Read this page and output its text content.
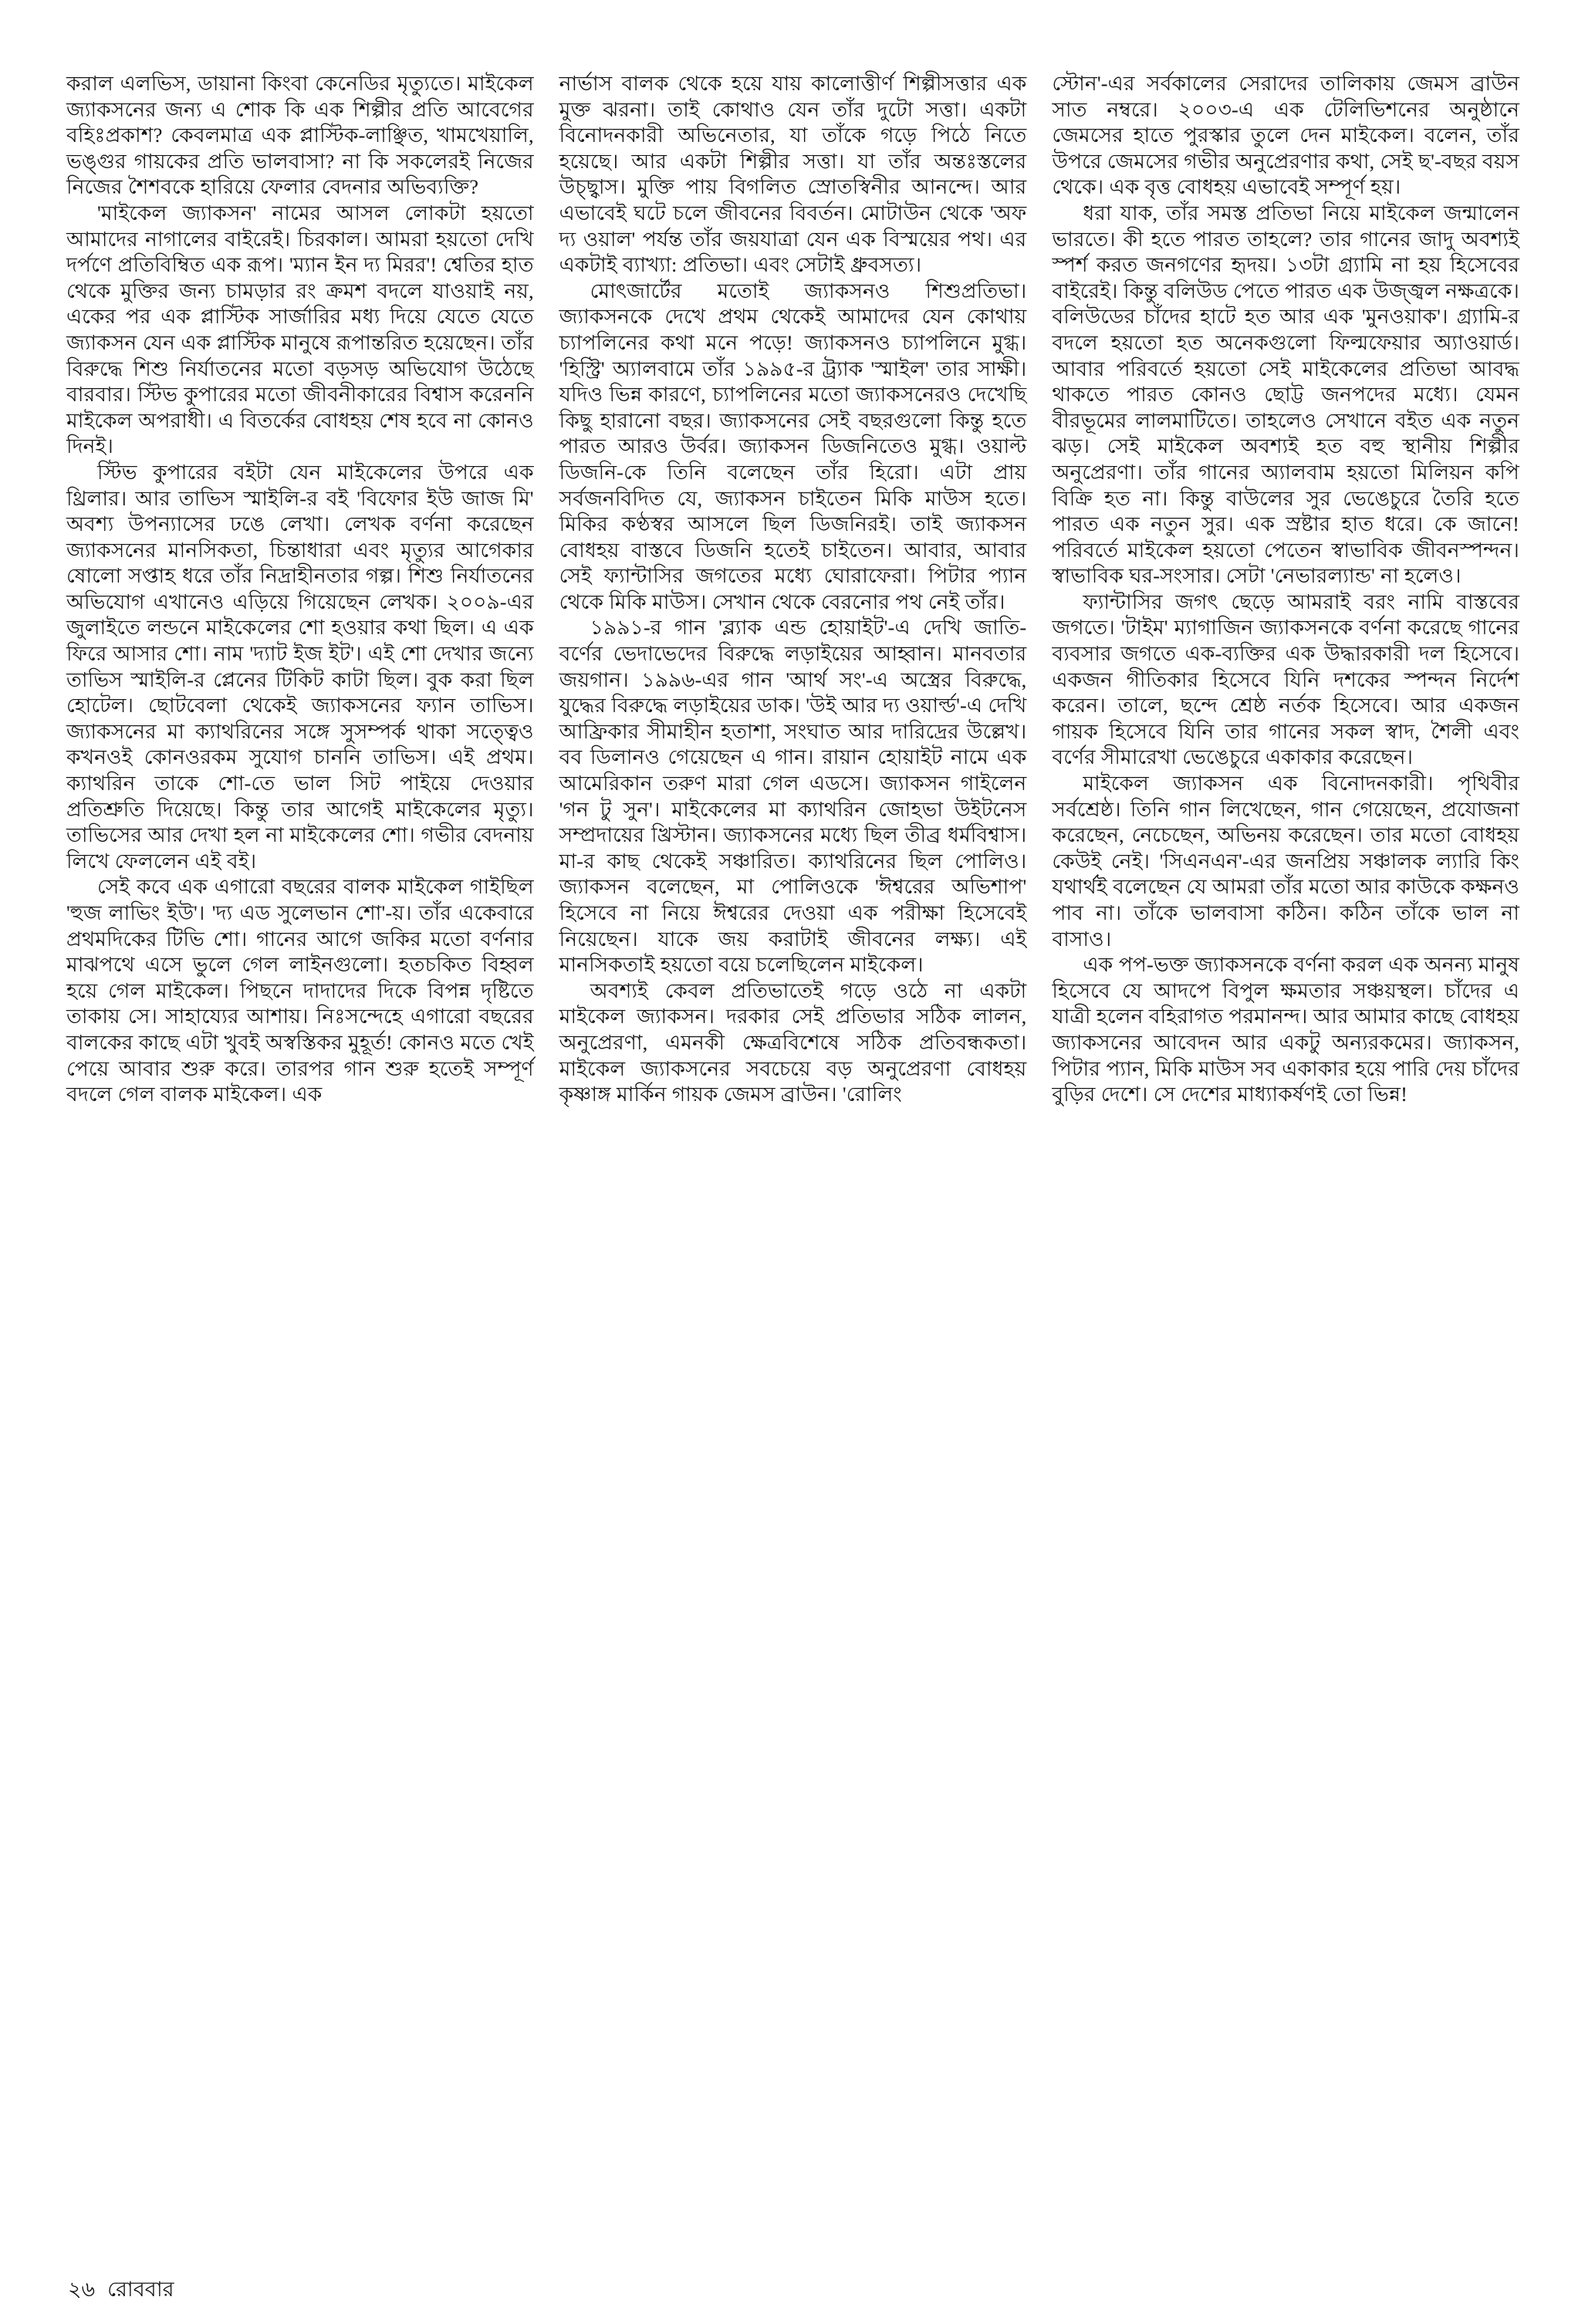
করাল এলভিস, ডায়ানা কিংবা কেনেডির মৃত্যুতে। মাইকেল জ্যাকসনের জন্য এ শোক কি এক শিল্পীর প্রতি আবেগের বহিঃপ্রকাশ? কেবলমাত্র এক প্লাস্টিক-লাঞ্ছিত, খামখেয়ালি, ভঙ্গুর গায়কের প্রতি ভালবাসা? না কি সকলেরই নিজের নিজের শৈশবকে হারিয়ে ফেলার বেদনার অভিব্যক্তি?

'মাইকেল জ্যাকসন' নামের আসল লোকটা হয়তো আমাদের নাগালের বাইরেই। চিরকাল। আমরা হয়তো দেখি দর্পণে প্রতিবিম্বিত এক রূপ। 'ম্যান ইন দ্য মিরর'! শ্বেতির হাত থেকে মুক্তির জন্য চামড়ার রং ক্রমশ বদলে যাওয়াই নয়, একের পর এক প্লাস্টিক সার্জারির মধ্য দিয়ে যেতে যেতে জ্যাকসন যেন এক প্লাস্টিক মানুষে রূপান্তরিত হয়েছেন। তাঁর বিরুদ্ধে শিশু নির্যাতনের মতো বড়সড় অভিযোগ উঠেছে বারবার। স্টিভ কুপারের মতো জীবনীকারের বিশ্বাস করেননি মাইকেল অপরাধী। এ বিতর্কের বোধহয় শেষ হবে না কোনও দিনই।

স্টিভ কুপারের বইটা যেন মাইকেলের উপরে এক থ্রিলার। আর তাভিস স্মাইলি-র বই 'বিফোর ইউ জাজ মি' অবশ্য উপন্যাসের ঢঙে লেখা। লেখক বর্ণনা করেছেন জ্যাকসনের মানসিকতা, চিন্তাধারা এবং মৃত্যুর আগেকার ষোলো সপ্তাহ ধরে তাঁর নিদ্রাহীনতার গল্প। শিশু নির্যাতনের অভিযোগ এখানেও এড়িয়ে গিয়েছেন লেখক। ২০০৯-এর জুলাইতে লন্ডনে মাইকেলের শো হওয়ার কথা ছিল। এ এক ফিরে আসার শো। নাম 'দ্যাট ইজ ইট'। এই শো দেখার জন্যে তাভিস স্মাইলি-র প্লেনের টিকিট কাটা ছিল। বুক করা ছিল হোটেল। ছোটবেলা থেকেই জ্যাকসনের ফ্যান তাভিস। জ্যাকসনের মা ক্যাথরিনের সঙ্গে সুসম্পর্ক থাকা সত্ত্বেও কখনওই কোনওরকম সুযোগ চাননি তাভিস। এই প্রথম। ক্যাথরিন তাকে শো-তে ভাল সিট পাইয়ে দেওয়ার প্রতিশ্রুতি দিয়েছে। কিন্তু তার আগেই মাইকেলের মৃত্যু। তাভিসের আর দেখা হল না মাইকেলের শো। গভীর বেদনায় লিখে ফেললেন এই বই।

সেই কবে এক এগারো বছরের বালক মাইকেল গাইছিল 'হুজ লাভিং ইউ'। 'দ্য এড সুলেভান শো'-য়। তাঁর একেবারে প্রথমদিকের টিভি শো। গানের আগে জকির মতো বর্ণনার মাঝপথে এসে ভুলে গেল লাইনগুলো। হতচকিত বিহ্বল হয়ে গেল মাইকেল। পিছনে দাদাদের দিকে বিপন্ন দৃষ্টিতে তাকায় সে। সাহায্যের আশায়। নিঃসন্দেহে এগারো বছরের বালকের কাছে এটা খুবই অস্বস্তিকর মুহূর্ত! কোনও মতে খেই পেয়ে আবার শুরু করে। তারপর গান শুরু হতেই সম্পূর্ণ বদলে গেল বালক মাইকেল। এক

নার্ভাস বালক থেকে হয়ে যায় কালোত্তীর্ণ শিল্পীসত্তার এক মুক্ত ঝরনা। তাই কোথাও যেন তাঁর দুটো সত্তা। একটা বিনোদনকারী অভিনেতার, যা তাঁকে গড়ে পিঠে নিতে হয়েছে। আর একটা শিল্পীর সত্তা। যা তাঁর অন্তঃস্তলের উচ্ছ্বাস। মুক্তি পায় বিগলিত স্রোতস্বিনীর আনন্দে। আর এভাবেই ঘটে চলে জীবনের বিবর্তন। মোটাউন থেকে 'অফ দ্য ওয়াল' পর্যন্ত তাঁর জয়যাত্রা যেন এক বিস্ময়ের পথ। এর একটাই ব্যাখ্যা: প্রতিভা। এবং সেটাই ধ্রুবসত্য।

মোৎজার্টের মতোই জ্যাকসনও শিশুপ্রতিভা। জ্যাকসনকে দেখে প্রথম থেকেই আমাদের যেন কোথায় চ্যাপলিনের কথা মনে পড়ে! জ্যাকসনও চ্যাপলিনে মুগ্ধ। 'হিস্ট্রি' অ্যালবামে তাঁর ১৯৯৫-র ট্র্যাক 'স্মাইল' তার সাক্ষী। যদিও ভিন্ন কারণে, চ্যাপলিনের মতো জ্যাকসনেরও দেখেছি কিছু হারানো বছর। জ্যাকসনের সেই বছরগুলো কিন্তু হতে পারত আরও উর্বর। জ্যাকসন ডিজনিতেও মুগ্ধ। ওয়াল্ট ডিজনি-কে তিনি বলেছেন তাঁর হিরো। এটা প্রায় সর্বজনবিদিত যে, জ্যাকসন চাইতেন মিকি মাউস হতে। মিকির কণ্ঠস্বর আসলে ছিল ডিজনিরই। তাই জ্যাকসন বোধহয় বাস্তবে ডিজনি হতেই চাইতেন। আবার, আবার সেই ফ্যান্টাসির জগতের মধ্যে ঘোরাফেরা। পিটার প্যান থেকে মিকি মাউস। সেখান থেকে বেরনোর পথ নেই তাঁর।

১৯৯১-র গান 'ব্ল্যাক এন্ড হোয়াইট'-এ দেখি জাতি-বর্ণের ভেদাভেদের বিরুদ্ধে লড়াইয়ের আহ্বান। মানবতার জয়গান। ১৯৯৬-এর গান 'আর্থ সং'-এ অস্ত্রের বিরুদ্ধে, যুদ্ধের বিরুদ্ধে লড়াইয়ের ডাক। 'উই আর দ্য ওয়ার্ল্ড'-এ দেখি আফ্রিকার সীমাহীন হতাশা, সংঘাত আর দারিদ্রের উল্লেখ। বব ডিলানও গেয়েছেন এ গান। রায়ান হোয়াইট নামে এক আমেরিকান তরুণ মারা গেল এডসে। জ্যাকসন গাইলেন 'গন টু সুন'। মাইকেলের মা ক্যাথরিন জোহভা উইটনেস সম্প্রদায়ের খ্রিস্টান। জ্যাকসনের মধ্যে ছিল তীব্র ধর্মবিশ্বাস। মা-র কাছ থেকেই সঞ্চারিত। ক্যাথরিনের ছিল পোলিও। জ্যাকসন বলেছেন, মা পোলিওকে 'ঈশ্বরের অভিশাপ' হিসেবে না নিয়ে ঈশ্বরের দেওয়া এক পরীক্ষা হিসেবেই নিয়েছেন। যাকে জয় করাটাই জীবনের লক্ষ্য। এই মানসিকতাই হয়তো বয়ে চলেছিলেন মাইকেল।

অবশ্যই কেবল প্রতিভাতেই গড়ে ওঠে না একটা মাইকেল জ্যাকসন। দরকার সেই প্রতিভার সঠিক লালন, অনুপ্রেরণা, এমনকী ক্ষেত্রবিশেষে সঠিক প্রতিবন্ধকতা। মাইকেল জ্যাকসনের সবচেয়ে বড় অনুপ্রেরণা বোধহয় কৃষ্ণাঙ্গ মার্কিন গায়ক জেমস ব্রাউন। 'রোলিং

স্টোন'-এর সর্বকালের সেরাদের তালিকায় জেমস ব্রাউন সাত নম্বরে। ২০০৩-এ এক টেলিভিশনের অনুষ্ঠানে জেমসের হাতে পুরস্কার তুলে দেন মাইকেল। বলেন, তাঁর উপরে জেমসের গভীর অনুপ্রেরণার কথা, সেই ছ'-বছর বয়স থেকে। এক বৃত্ত বোধহয় এভাবেই সম্পূর্ণ হয়।

ধরা যাক, তাঁর সমস্ত প্রতিভা নিয়ে মাইকেল জন্মালেন ভারতে। কী হতে পারত তাহলে? তার গানের জাদু অবশ্যই স্পর্শ করত জনগণের হৃদয়। ১৩টা গ্র্যামি না হয় হিসেবের বাইরেই। কিন্তু বলিউড পেতে পারত এক উজ্জ্বল নক্ষত্রকে। বলিউডের চাঁদের হাটে হত আর এক 'মুনওয়াক'। গ্র্যামি-র বদলে হয়তো হত অনেকগুলো ফিল্মফেয়ার অ্যাওয়ার্ড। আবার পরিবর্তে হয়তো সেই মাইকেলের প্রতিভা আবদ্ধ থাকতে পারত কোনও ছোট্ট জনপদের মধ্যে। যেমন বীরভূমের লালমাটিতে। তাহলেও সেখানে বইত এক নতুন ঝড়। সেই মাইকেল অবশ্যই হত বহু স্থানীয় শিল্পীর অনুপ্রেরণা। তাঁর গানের অ্যালবাম হয়তো মিলিয়ন কপি বিক্রি হত না। কিন্তু বাউলের সুর ভেঙেচুরে তৈরি হতে পারত এক নতুন সুর। এক স্রষ্টার হাত ধরে। কে জানে! পরিবর্তে মাইকেল হয়তো পেতেন স্বাভাবিক জীবনস্পন্দন। স্বাভাবিক ঘর-সংসার। সেটা 'নেভারল্যান্ড' না হলেও।

ফ্যান্টাসির জগৎ ছেড়ে আমরাই বরং নামি বাস্তবের জগতে। 'টাইম' ম্যাগাজিন জ্যাকসনকে বর্ণনা করেছে গানের ব্যবসার জগতে এক-ব্যক্তির এক উদ্ধারকারী দল হিসেবে। একজন গীতিকার হিসেবে যিনি দশকের স্পন্দন নির্দেশ করেন। তালে, ছন্দে শ্রেষ্ঠ নর্তক হিসেবে। আর একজন গায়ক হিসেবে যিনি তার গানের সকল স্বাদ, শৈলী এবং বর্ণের সীমারেখা ভেঙেচুরে একাকার করেছেন।

মাইকেল জ্যাকসন এক বিনোদনকারী। পৃথিবীর সর্বশ্রেষ্ঠ। তিনি গান লিখেছেন, গান গেয়েছেন, প্রযোজনা করেছেন, নেচেছেন, অভিনয় করেছেন। তার মতো বোধহয় কেউই নেই। 'সিএনএন'-এর জনপ্রিয় সঞ্চালক ল্যারি কিং যথার্থই বলেছেন যে আমরা তাঁর মতো আর কাউকে কক্ষনও পাব না। তাঁকে ভালবাসা কঠিন। কঠিন তাঁকে ভাল না বাসাও।

এক পপ-ভক্ত জ্যাকসনকে বর্ণনা করল এক অনন্য মানুষ হিসেবে যে আদপে বিপুল ক্ষমতার সঞ্চয়স্থল। চাঁদের এ যাত্রী হলেন বহিরাগত পরমানন্দ। আর আমার কাছে বোধহয় জ্যাকসনের আবেদন আর একটু অন্যরকমের। জ্যাকসন, পিটার প্যান, মিকি মাউস সব একাকার হয়ে পারি দেয় চাঁদের বুড়ির দেশে। সে দেশের মাধ্যাকর্ষণই তো ভিন্ন!

২৬ রোববার
